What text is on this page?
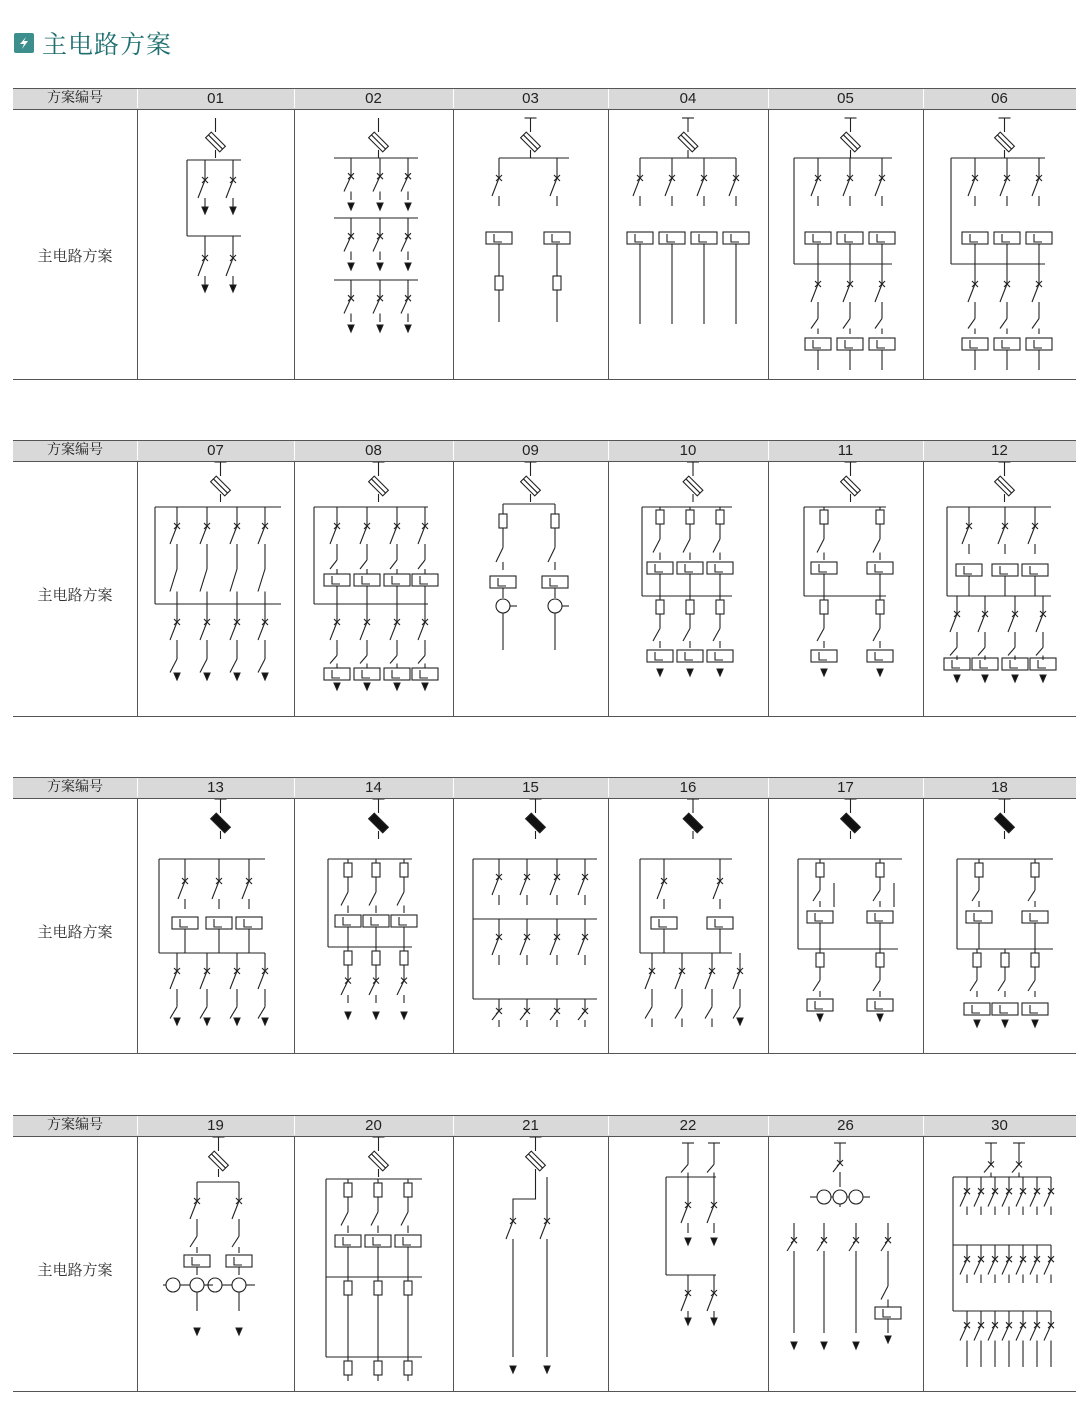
主电路方案
方案编号	01	02	03	04	05	06
主电路方案
方案编号	07	08	09	10	11	12
主电路方案
方案编号	13	14	15	16	17	18
主电路方案
方案编号	19	20	21	22	26	30
主电路方案
